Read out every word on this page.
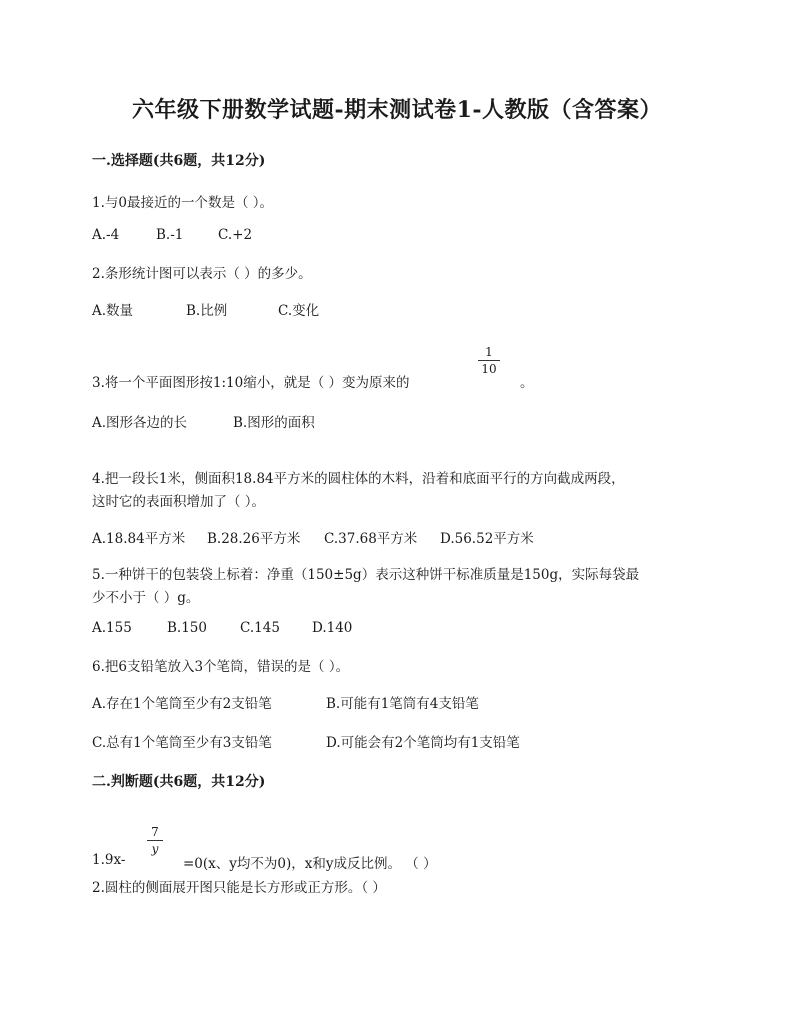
六年级下册数学试题-期末测试卷1-人教版（含答案）
一.选择题(共6题，共12分)
1.与0最接近的一个数是（ ）。
A.-4	B.-1	C.+2
2.条形统计图可以表示（ ）的多少。
A.数量	B.比例	C.变化
3.将一个平面图形按1:10缩小，就是（ ）变为原来的
1
10
。
A.图形各边的长	B.图形的面积
4.把一段长1米，侧面积18.84平方米的圆柱体的木料，沿着和底面平行的方向截成两段，
这时它的表面积增加了（ ）。
A.18.84平方米 B.28.26平方米 C.37.68平方米 D.56.52平方米
5.一种饼干的包装袋上标着：净重（150±5g）表示这种饼干标准质量是150g，实际每袋最
少不小于（ ）g。
A.155	B.150 C.145 D.140
6.把6支铅笔放入3个笔筒，错误的是（ ）。
A.存在1个笔筒至少有2支铅笔	B.可能有1笔筒有4支铅笔
C.总有1个笔筒至少有3支铅笔	D.可能会有2个笔筒均有1支铅笔
二.判断题(共6题，共12分)
1.9x-
7
y
=0(x、y均不为0)，x和y成反比例。 （ ）
2.圆柱的侧面展开图只能是长方形或正方形。（ ）
